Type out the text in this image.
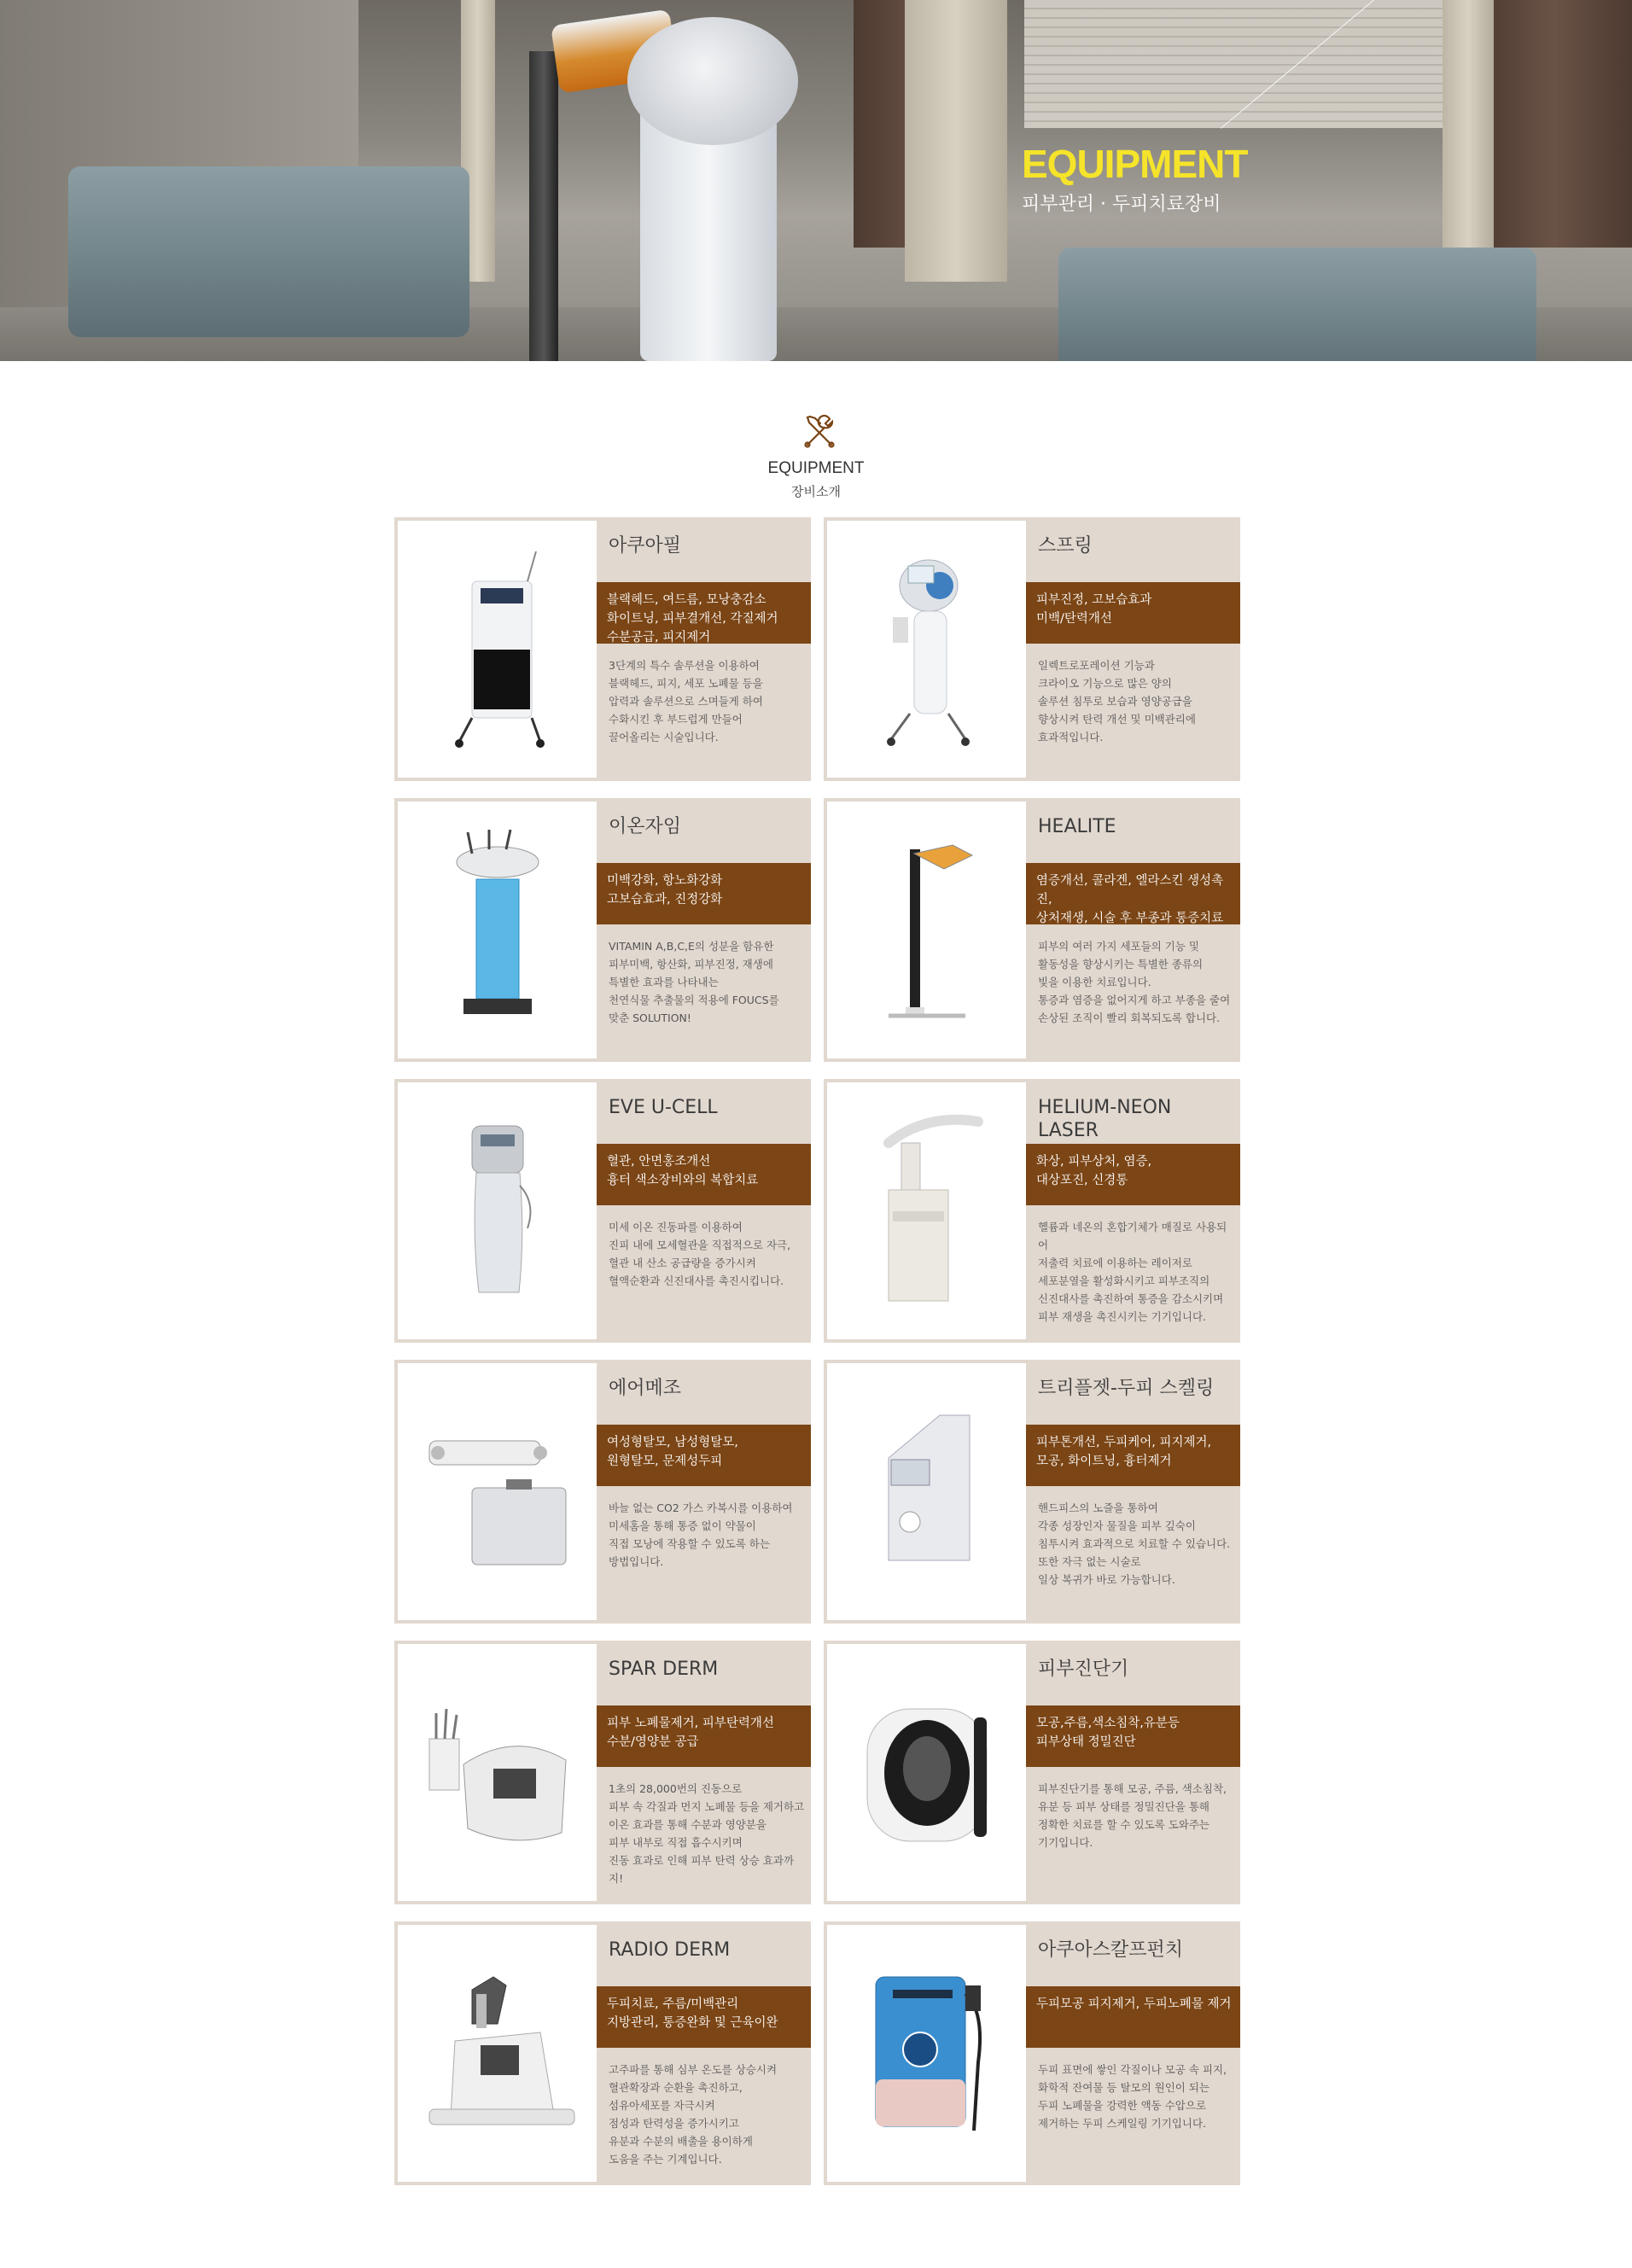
EQUIPMENT
피부관리 · 두피치료장비
EQUIPMENT
장비소개
아쿠아필
블랙헤드, 여드름, 모낭충감소
화이트닝, 피부결개선, 각질제거
수분공급, 피지제거
3단계의 특수 솔루션을 이용하여
블랙헤드, 피지, 세포 노폐물 등을
압력과 솔루션으로 스며들게 하여
수화시킨 후 부드럽게 만들어
끌어올리는 시술입니다.
스프링
피부진정, 고보습효과
미백/탄력개선
일렉트로포레이션 기능과
크라이오 기능으로 많은 양의
솔루션 침투로 보습과 영양공급을
향상시켜 탄력 개선 및 미백관리에
효과적입니다.
이온자임
미백강화, 항노화강화
고보습효과, 진정강화
VITAMIN A,B,C,E의 성분을 함유한
피부미백, 항산화, 피부진정, 재생에
특별한 효과를 나타내는
천연식물 추출물의 적용에 FOUCS를
맞춘 SOLUTION!
HEALITE
염증개선, 콜라겐, 엘라스킨 생성촉진,
상처재생, 시술 후 부종과 통증치료
피부의 여러 가지 세포들의 기능 및
활동성을 향상시키는 특별한 종류의
빛을 이용한 치료입니다.
통증과 염증을 없어지게 하고 부종을 줄여
손상된 조직이 빨리 회복되도록 합니다.
EVE U-CELL
혈관, 안면홍조개선
흉터 색소장비와의 복합치료
미세 이온 진동파를 이용하여
진피 내에 모세혈관을 직접적으로 자극,
혈관 내 산소 공급량을 증가시켜
혈액순환과 신진대사를 촉진시킵니다.
HELIUM-NEON LASER
화상, 피부상처, 염증,
대상포진, 신경통
헬륨과 네온의 혼합기체가 매질로 사용되어
저출력 치료에 이용하는 레이저로
세포분열을 활성화시키고 피부조직의
신진대사를 촉진하여 통증을 감소시키며
피부 재생을 촉진시키는 기기입니다.
에어메조
여성형탈모, 남성형탈모,
원형탈모, 문제성두피
바늘 없는 CO2 가스 카복시를 이용하여
미세홈을 통해 통증 없이 약물이
직접 모낭에 작용할 수 있도록 하는
방법입니다.
트리플젯-두피 스켈링
피부톤개선, 두피케어, 피지제거,
모공, 화이트닝, 흉터제거
핸드피스의 노즐을 통하여
각종 성장인자 물질을 피부 깊숙이
침투시켜 효과적으로 치료할 수 있습니다.
또한 자극 없는 시술로
일상 복귀가 바로 가능합니다.
SPAR DERM
피부 노폐물제거, 피부탄력개선
수분/영양분 공급
1초의 28,000번의 진동으로
피부 속 각질과 먼지 노폐물 등을 제거하고
이온 효과를 통해 수분과 영양분을
피부 내부로 직접 흡수시키며
진동 효과로 인해 피부 탄력 상승 효과까지!
피부진단기
모공,주름,색소침착,유분등
피부상태 정밀진단
피부진단기를 통해 모공, 주름, 색소침착,
유분 등 피부 상태를 정밀진단을 통해
정확한 치료를 할 수 있도록 도와주는
기기입니다.
RADIO DERM
두피치료, 주름/미백관리
지방관리, 통증완화 및 근육이완
고주파를 통해 심부 온도를 상승시켜
혈관확장과 순환을 촉진하고,
섬유아세포를 자극시켜
점성과 탄력성을 증가시키고
유분과 수분의 배출을 용이하게
도움을 주는 기계입니다.
아쿠아스칼프펀치
두피모공 피지제거, 두피노폐물 제거
두피 표면에 쌓인 각질이나 모공 속 피지,
화학적 잔여물 등 탈모의 원인이 되는
두피 노폐물을 강력한 액동 수압으로
제거하는 두피 스케일링 기기입니다.
